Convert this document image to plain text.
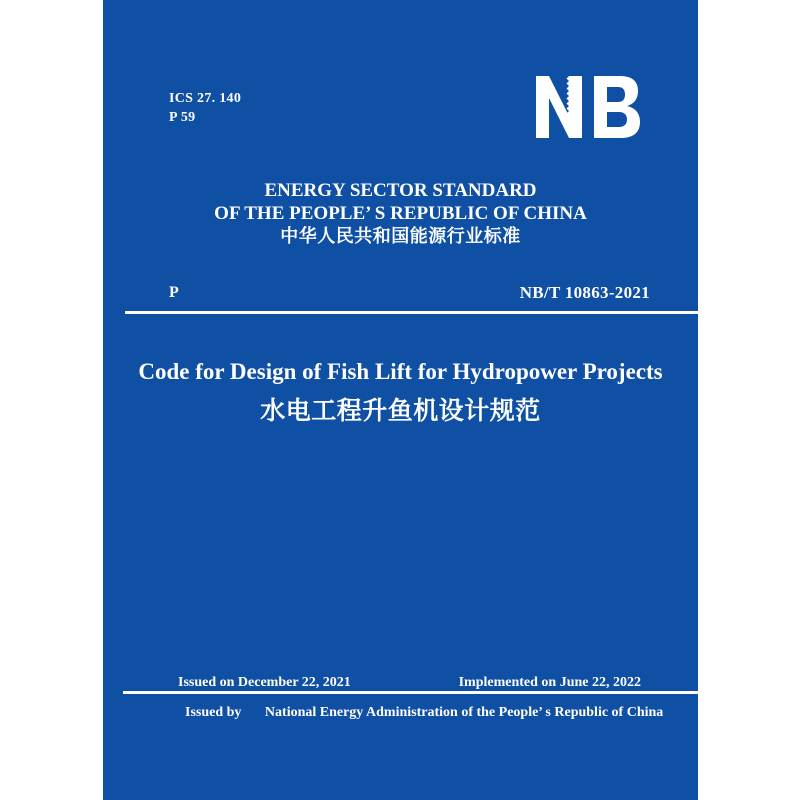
ICS 27. 140
P 59
ENERGY SECTOR STANDARD
OF THE PEOPLE’ S REPUBLIC OF CHINA
中华人民共和国能源行业标准
P	NB/T 10863-2021
Code for Design of Fish Lift for Hydropower Projects
水电工程升鱼机设计规范
Issued on December 22, 2021	Implemented on June 22, 2022
Issued by National Energy Administration of the People’ s Republic of China
